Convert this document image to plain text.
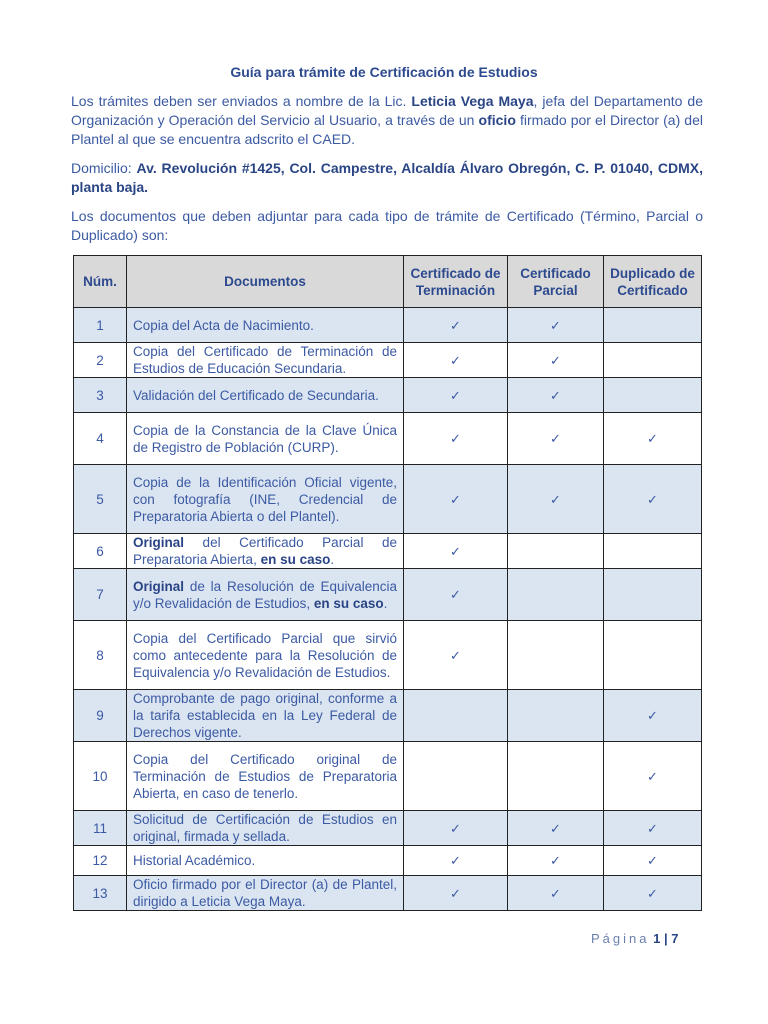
Guía para trámite de Certificación de Estudios

Los trámites deben ser enviados a nombre de la Lic. Leticia Vega Maya, jefa del Departamento de Organización y Operación del Servicio al Usuario, a través de un oficio firmado por el Director (a) del Plantel al que se encuentra adscrito el CAED.

Domicilio: Av. Revolución #1425, Col. Campestre, Alcaldía Álvaro Obregón, C. P. 01040, CDMX, planta baja.

Los documentos que deben adjuntar para cada tipo de trámite de Certificado (Término, Parcial o Duplicado) son:

Núm.	Documentos	Certificado de Terminación	Certificado Parcial	Duplicado de Certificado
1	Copia del Acta de Nacimiento.	✓	✓	
2	Copia del Certificado de Terminación de Estudios de Educación Secundaria.	✓	✓	
3	Validación del Certificado de Secundaria.	✓	✓	
4	Copia de la Constancia de la Clave Única de Registro de Población (CURP).	✓	✓	✓
5	Copia de la Identificación Oficial vigente, con fotografía (INE, Credencial de Preparatoria Abierta o del Plantel).	✓	✓	✓
6	Original del Certificado Parcial de Preparatoria Abierta, en su caso.	✓		
7	Original de la Resolución de Equivalencia y/o Revalidación de Estudios, en su caso.	✓		
8	Copia del Certificado Parcial que sirvió como antecedente para la Resolución de Equivalencia y/o Revalidación de Estudios.	✓		
9	Comprobante de pago original, conforme a la tarifa establecida en la Ley Federal de Derechos vigente.			✓
10	Copia del Certificado original de Terminación de Estudios de Preparatoria Abierta, en caso de tenerlo.			✓
11	Solicitud de Certificación de Estudios en original, firmada y sellada.	✓	✓	✓
12	Historial Académico.	✓	✓	✓
13	Oficio firmado por el Director (a) de Plantel, dirigido a Leticia Vega Maya.	✓	✓	✓
Página 1 | 7
